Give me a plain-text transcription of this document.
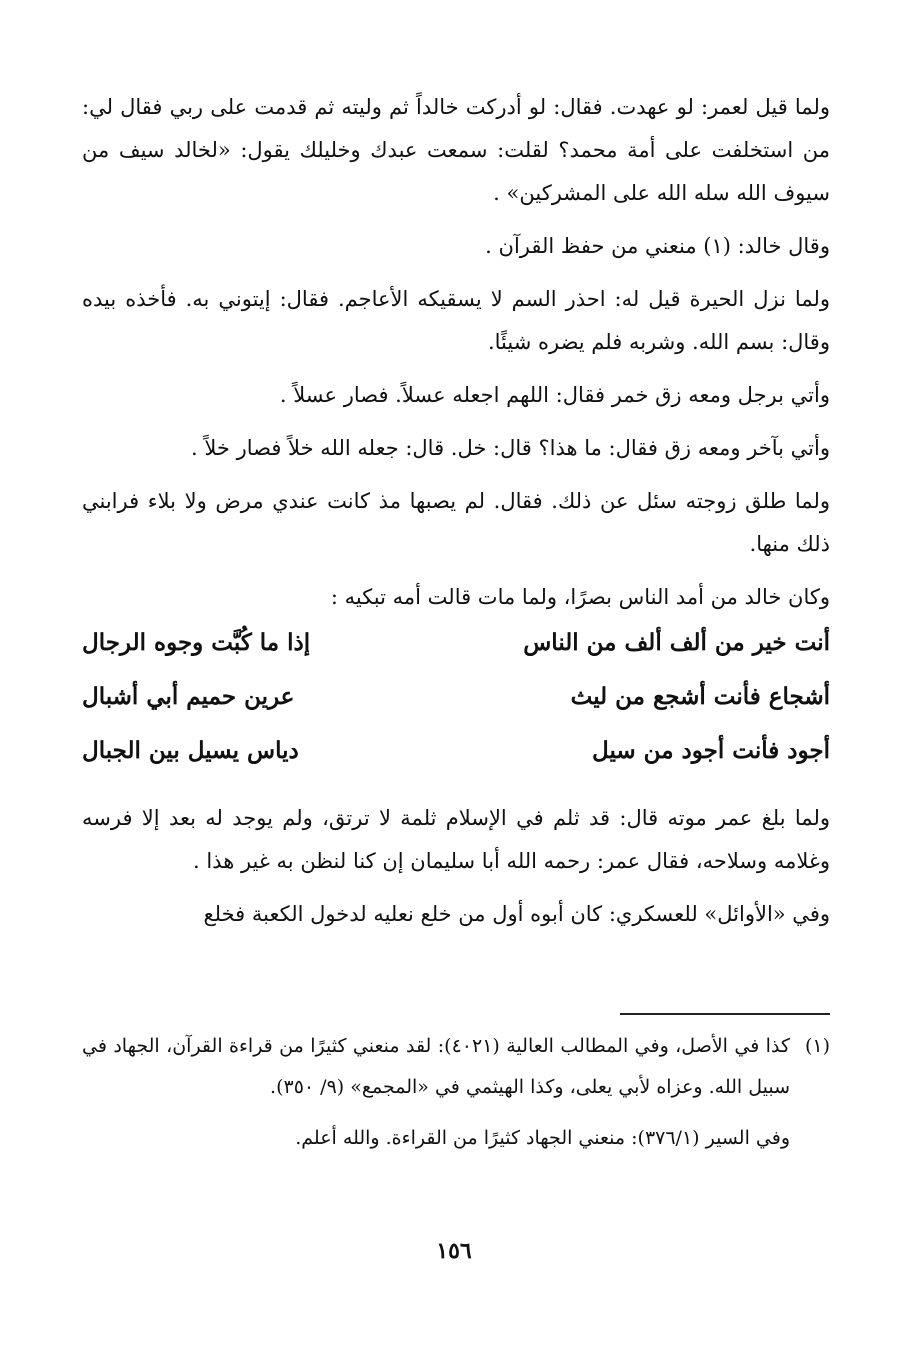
ولما قيل لعمر: لو عهدت. فقال: لو أدركت خالداً ثم وليته ثم قدمت على ربي فقال لي: من استخلفت على أمة محمد؟ لقلت: سمعت عبدك وخليلك يقول: «لخالد سيف من سيوف الله سله الله على المشركين» .

وقال خالد: (١) منعني من حفظ القرآن .

ولما نزل الحيرة قيل له: احذر السم لا يسقيكه الأعاجم. فقال: إيتوني به. فأخذه بيده وقال: بسم الله. وشربه فلم يضره شيئًا.

وأتي برجل ومعه زق خمر فقال: اللهم اجعله عسلاً. فصار عسلاً .

وأتي بآخر ومعه زق فقال: ما هذا؟ قال: خل. قال: جعله الله خلاً فصار خلاً .

ولما طلق زوجته سئل عن ذلك. فقال. لم يصبها مذ كانت عندي مرض ولا بلاء فرابني ذلك منها.

وكان خالد من أمد الناس بصرًا، ولما مات قالت أمه تبكيه :

أنت خير من ألف ألف من الناس
إذا ما كُبَّت وجوه الرجال
أشجاع فأنت أشجع من ليث
عرين حميم أبي أشبال
أجود فأنت أجود من سيل
دياس يسيل بين الجبال

ولما بلغ عمر موته قال: قد ثلم في الإسلام ثلمة لا ترتق، ولم يوجد له بعد إلا فرسه وغلامه وسلاحه، فقال عمر: رحمه الله أبا سليمان إن كنا لنظن به غير هذا .

وفي «الأوائل» للعسكري: كان أبوه أول من خلع نعليه لدخول الكعبة فخلع

(١)
كذا في الأصل، وفي المطالب العالية (٤٠٢١): لقد منعني كثيرًا من قراءة القرآن، الجهاد في سبيل الله. وعزاه لأبي يعلى، وكذا الهيثمي في «المجمع» (٩/ ٣٥٠).
وفي السير (٣٧٦/١): منعني الجهاد كثيرًا من القراءة. والله أعلم.
١٥٦
